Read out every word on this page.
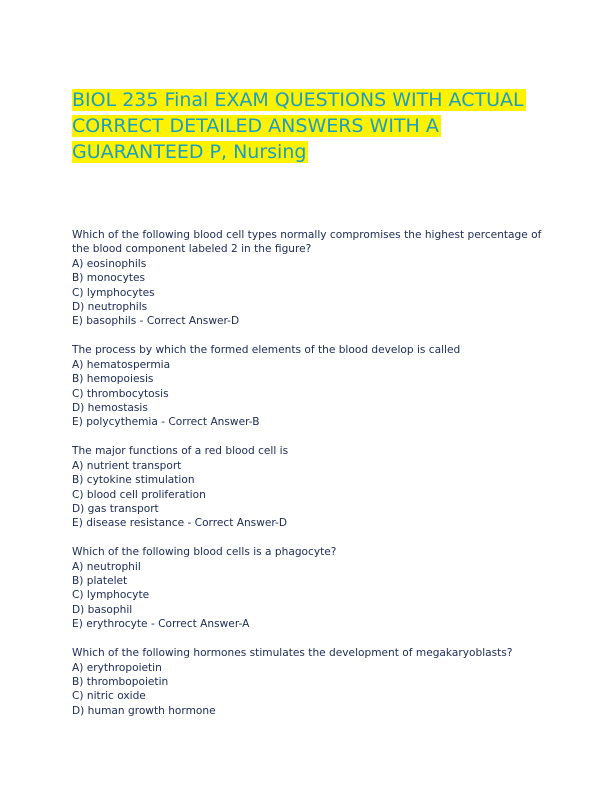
BIOL 235 Final EXAM QUESTIONS WITH ACTUAL
CORRECT DETAILED ANSWERS WITH A
GUARANTEED P, Nursing

Which of the following blood cell types normally compromises the highest percentage of the blood component labeled 2 in the figure?

A) eosinophils
B) monocytes
C) lymphocytes
D) neutrophils
E) basophils - Correct Answer-D

The process by which the formed elements of the blood develop is called

A) hematospermia
B) hemopoiesis
C) thrombocytosis
D) hemostasis
E) polycythemia - Correct Answer-B

The major functions of a red blood cell is

A) nutrient transport
B) cytokine stimulation
C) blood cell proliferation
D) gas transport
E) disease resistance - Correct Answer-D

Which of the following blood cells is a phagocyte?

A) neutrophil
B) platelet
C) lymphocyte
D) basophil
E) erythrocyte - Correct Answer-A

Which of the following hormones stimulates the development of megakaryoblasts?

A) erythropoietin
B) thrombopoietin
C) nitric oxide
D) human growth hormone
